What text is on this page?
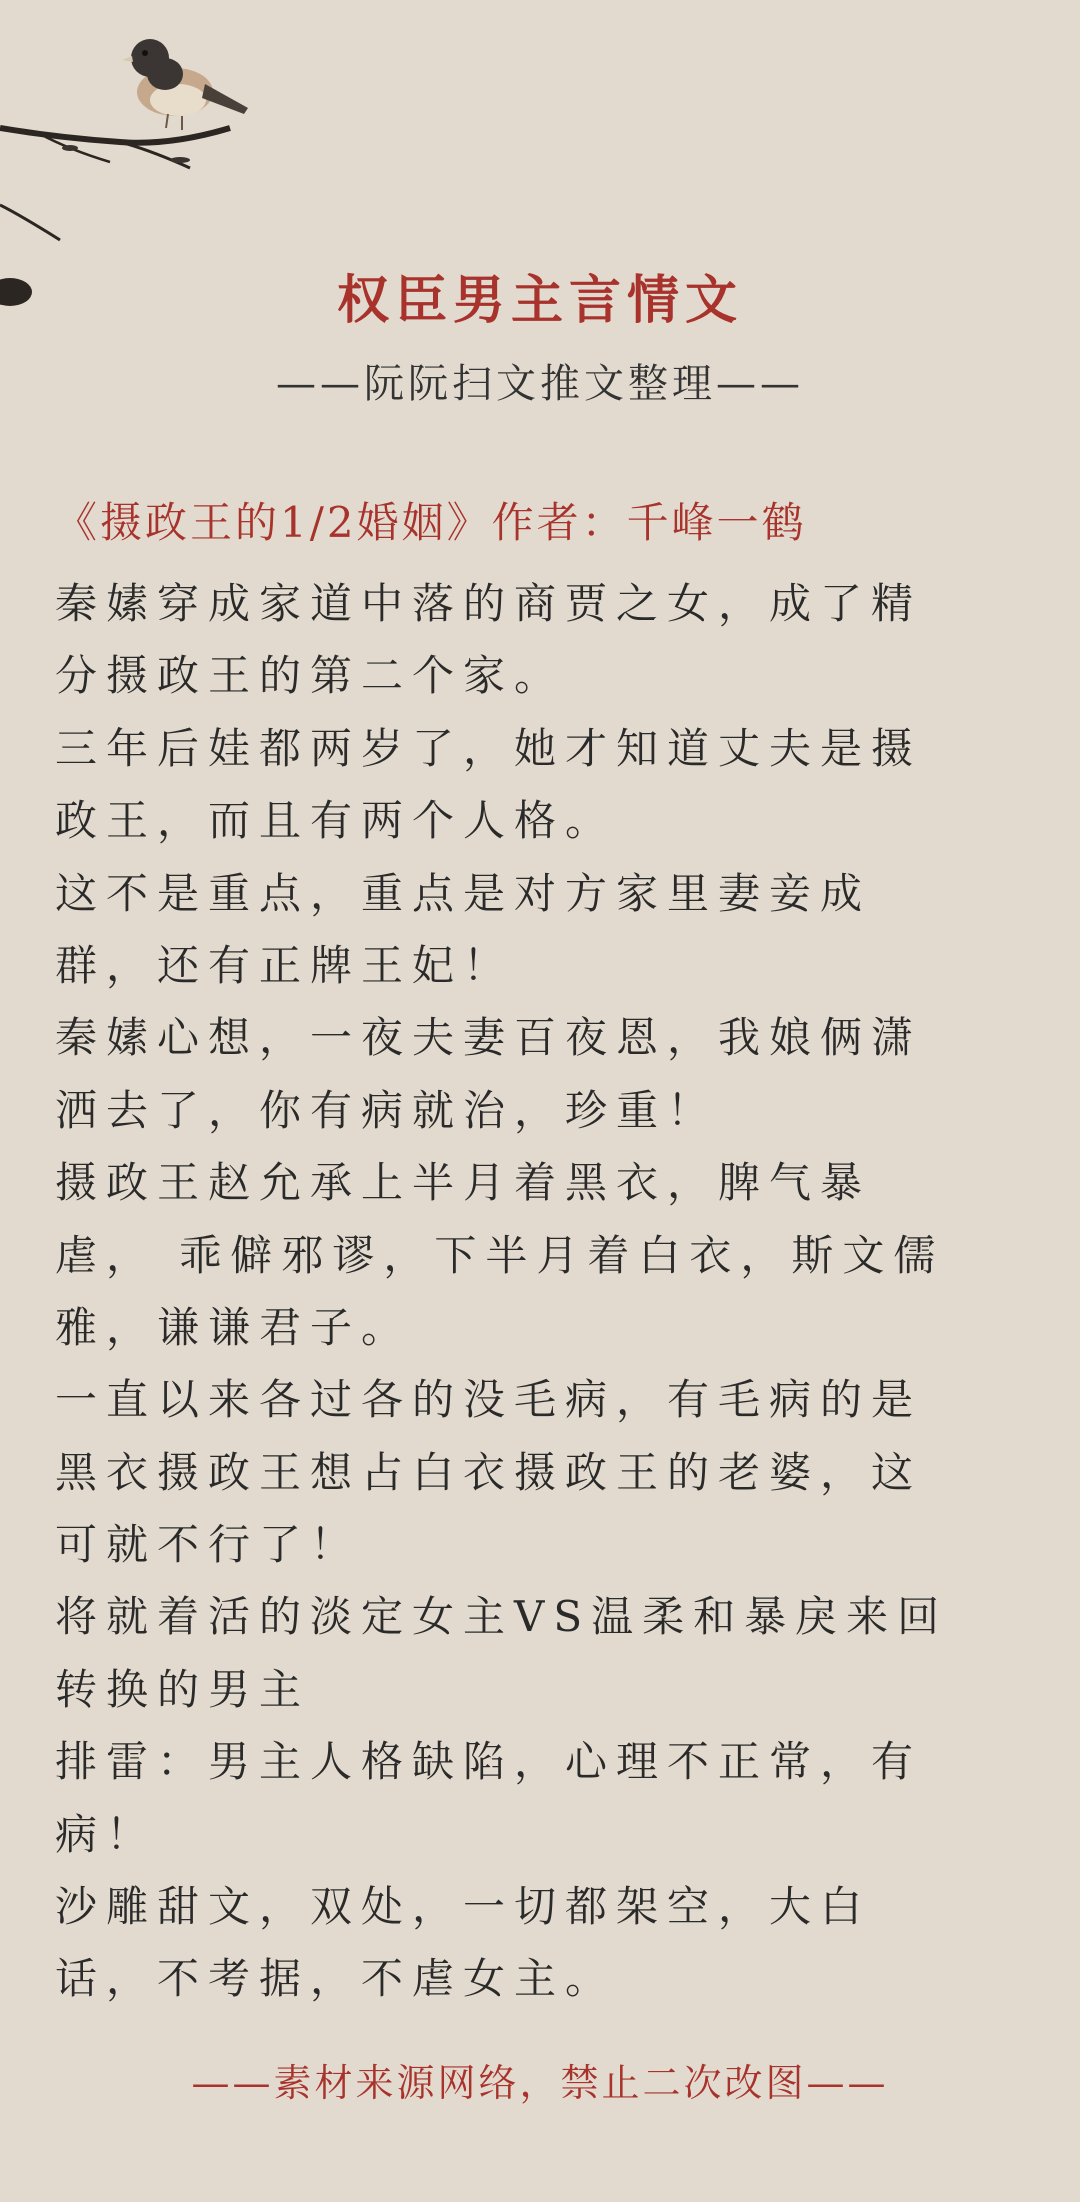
权臣男主言情文
——阮阮扫文推文整理——
《摄政王的1/2婚姻》作者：千峰一鹤
秦嫊穿成家道中落的商贾之女，成了精
分摄政王的第二个家。
三年后娃都两岁了，她才知道丈夫是摄
政王，而且有两个人格。
这不是重点，重点是对方家里妻妾成
群，还有正牌王妃！
秦嫊心想，一夜夫妻百夜恩，我娘俩潇
洒去了，你有病就治，珍重！
摄政王赵允承上半月着黑衣，脾气暴
虐， 乖僻邪谬，下半月着白衣，斯文儒
雅，谦谦君子。
一直以来各过各的没毛病，有毛病的是
黑衣摄政王想占白衣摄政王的老婆，这
可就不行了！
将就着活的淡定女主VS温柔和暴戾来回
转换的男主
排雷：男主人格缺陷，心理不正常，有
病！
沙雕甜文，双处，一切都架空，大白
话，不考据，不虐女主。
——素材来源网络，禁止二次改图——
